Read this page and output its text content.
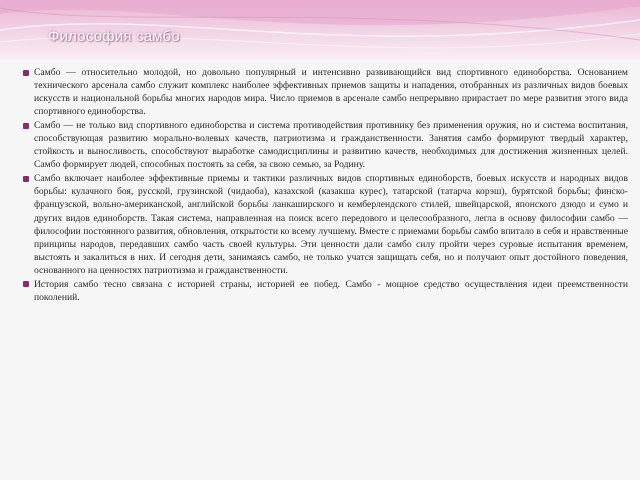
Философия самбо
Самбо — относительно молодой, но довольно популярный и интенсивно развивающийся вид спортивного единоборства. Основанием технического арсенала самбо служит комплекс наиболее эффективных приемов защиты и нападения, отобранных из различных видов боевых искусств и национальной борьбы многих народов мира. Число приемов в арсенале самбо непрерывно прирастает по мере развития этого вида спортивного единоборства.
Самбо — не только вид спортивного единоборства и система противодействия противнику без применения оружия, но и система воспитания, способствующая развитию морально-волевых качеств, патриотизма и гражданственности. Занятия самбо формируют твердый характер, стойкость и выносливость, способствуют выработке самодисциплины и развитию качеств, необходимых для достижения жизненных целей. Самбо формирует людей, способных постоять за себя, за свою семью, за Родину.
Самбо включает наиболее эффективные приемы и тактики различных видов спортивных единоборств, боевых искусств и народных видов борьбы: кулачного боя, русской, грузинской (чидаоба), казахской (казакша курес), татарской (татарча корэш), бурятской борьбы; финско-французской, вольно-американской, английской борьбы ланкаширского и кемберлендского стилей, швейцарской, японского дзюдо и сумо и других видов единоборств. Такая система, направленная на поиск всего передового и целесообразного, легла в основу философии самбо — философии постоянного развития, обновления, открытости ко всему лучшему. Вместе с приемами борьбы самбо впитало в себя и нравственные принципы народов, передавших самбо часть своей культуры. Эти ценности дали самбо силу пройти через суровые испытания временем, выстоять и закалиться в них. И сегодня дети, занимаясь самбо, не только учатся защищать себя, но и получают опыт достойного поведения, основанного на ценностях патриотизма и гражданственности.
История самбо тесно связана с историей страны, историей ее побед. Самбо - мощное средство осуществления идеи преемственности поколений.
